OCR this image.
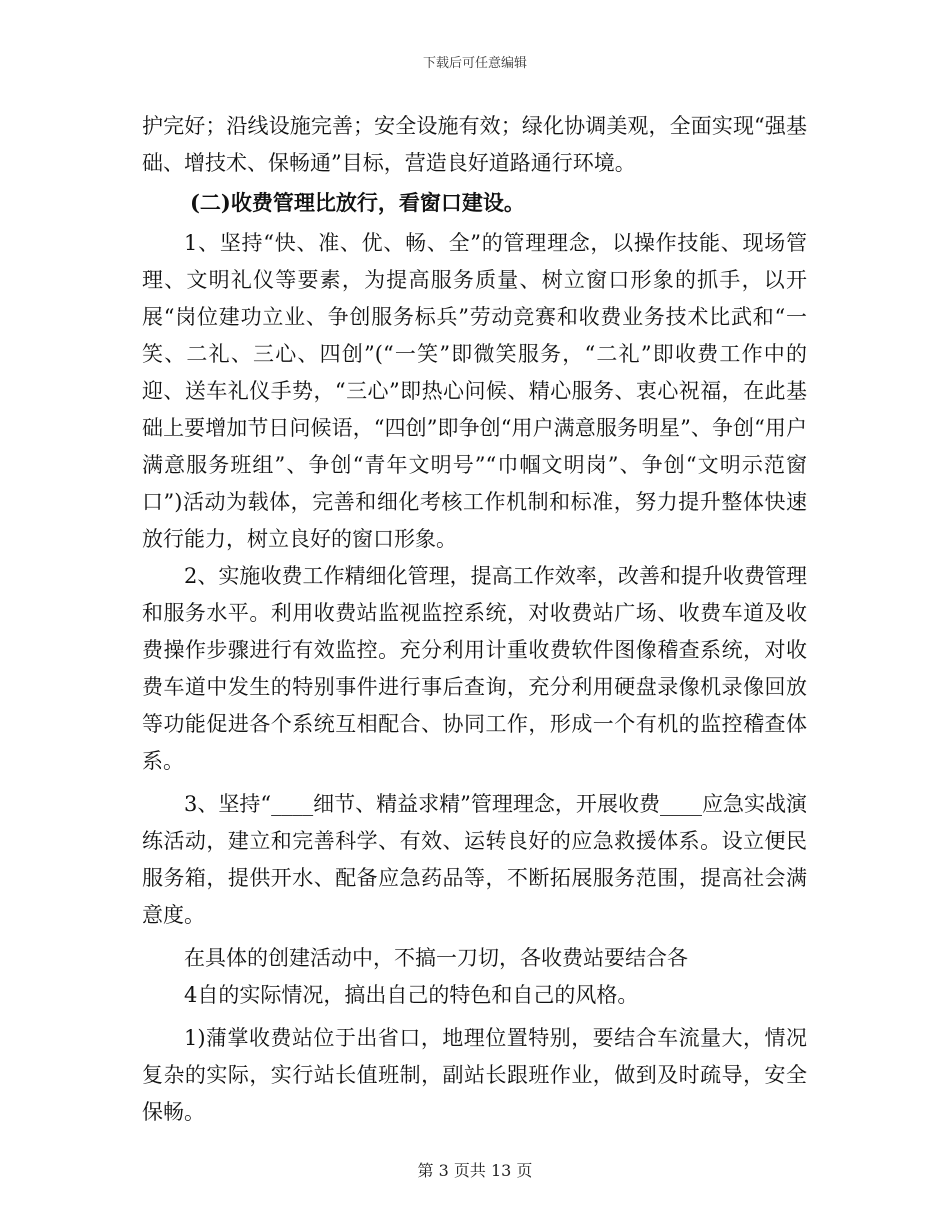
下载后可任意编辑

护完好；沿线设施完善；安全设施有效；绿化协调美观，全面实现“强基础、增技术、保畅通”目标，营造良好道路通行环境。

(二)收费管理比放行，看窗口建设。

1、坚持“快、准、优、畅、全”的管理理念，以操作技能、现场管理、文明礼仪等要素，为提高服务质量、树立窗口形象的抓手，以开展“岗位建功立业、争创服务标兵”劳动竞赛和收费业务技术比武和“一笑、二礼、三心、四创”(“一笑”即微笑服务，“二礼”即收费工作中的迎、送车礼仪手势，“三心”即热心问候、精心服务、衷心祝福，在此基础上要增加节日问候语，“四创”即争创“用户满意服务明星”、争创“用户满意服务班组”、争创“青年文明号”“巾帼文明岗”、争创“文明示范窗口”)活动为载体，完善和细化考核工作机制和标准，努力提升整体快速放行能力，树立良好的窗口形象。

2、实施收费工作精细化管理，提高工作效率，改善和提升收费管理和服务水平。利用收费站监视监控系统，对收费站广场、收费车道及收费操作步骤进行有效监控。充分利用计重收费软件图像稽查系统，对收费车道中发生的特别事件进行事后查询，充分利用硬盘录像机录像回放等功能促进各个系统互相配合、协同工作，形成一个有机的监控稽查体系。

3、坚持“____细节、精益求精”管理理念，开展收费____应急实战演练活动，建立和完善科学、有效、运转良好的应急救援体系。设立便民服务箱，提供开水、配备应急药品等，不断拓展服务范围，提高社会满意度。

在具体的创建活动中，不搞一刀切，各收费站要结合各

4自的实际情况，搞出自己的特色和自己的风格。

1)蒲掌收费站位于出省口，地理位置特别，要结合车流量大，情况复杂的实际，实行站长值班制，副站长跟班作业，做到及时疏导，安全保畅。

第 3 页共 13 页
